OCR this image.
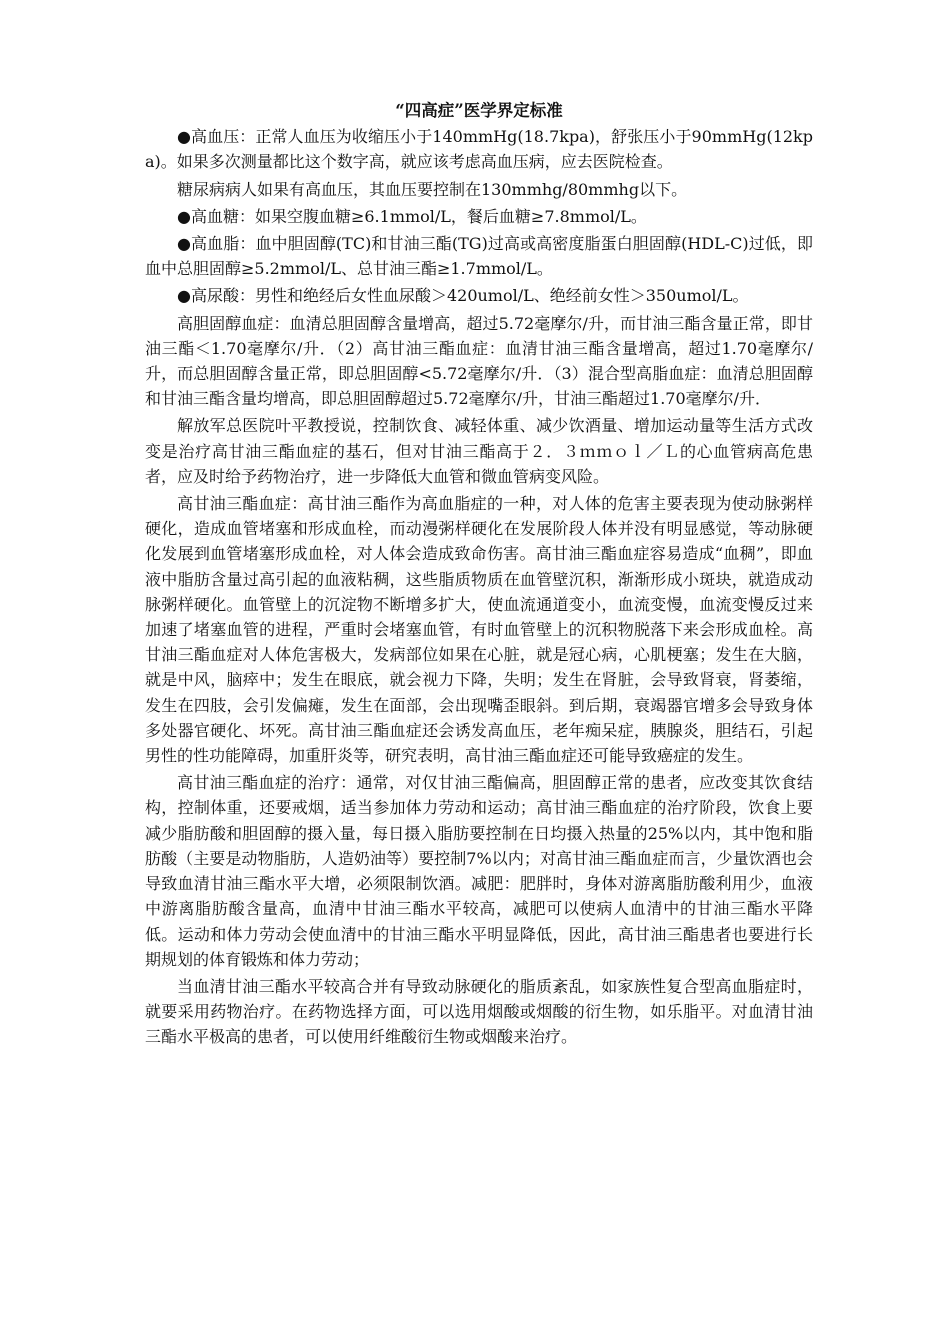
“四高症”医学界定标准

●高血压：正常人血压为收缩压小于140mmHg(18.7kpa)，舒张压小于90mmHg(12kpa)。如果多次测量都比这个数字高，就应该考虑高血压病，应去医院检查。

糖尿病病人如果有高血压，其血压要控制在130mmhg/80mmhg以下。

●高血糖：如果空腹血糖≥6.1mmol/L，餐后血糖≥7.8mmol/L。

●高血脂：血中胆固醇(TC)和甘油三酯(TG)过高或高密度脂蛋白胆固醇(HDL-C)过低，即血中总胆固醇≥5.2mmol/L、总甘油三酯≥1.7mmol/L。

●高尿酸：男性和绝经后女性血尿酸＞420umol/L、绝经前女性＞350umol/L。

高胆固醇血症：血清总胆固醇含量增高，超过5.72毫摩尔/升，而甘油三酯含量正常，即甘油三酯＜1.70毫摩尔/升．（2）高甘油三酯血症：血清甘油三酯含量增高，超过1.70毫摩尔/升，而总胆固醇含量正常，即总胆固醇<5.72毫摩尔/升．（3）混合型高脂血症：血清总胆固醇和甘油三酯含量均增高，即总胆固醇超过5.72毫摩尔/升，甘油三酯超过1.70毫摩尔/升．

解放军总医院叶平教授说，控制饮食、减轻体重、减少饮酒量、增加运动量等生活方式改变是治疗高甘油三酯血症的基石，但对甘油三酯高于２．３ｍｍｏｌ／Ｌ的心血管病高危患者，应及时给予药物治疗，进一步降低大血管和微血管病变风险。

高甘油三酯血症：高甘油三酯作为高血脂症的一种，对人体的危害主要表现为使动脉粥样硬化，造成血管堵塞和形成血栓，而动漫粥样硬化在发展阶段人体并没有明显感觉，等动脉硬化发展到血管堵塞形成血栓，对人体会造成致命伤害。高甘油三酯血症容易造成“血稠”，即血液中脂肪含量过高引起的血液粘稠，这些脂质物质在血管壁沉积，渐渐形成小斑块，就造成动脉粥样硬化。血管壁上的沉淀物不断增多扩大，使血流通道变小，血流变慢，血流变慢反过来加速了堵塞血管的进程，严重时会堵塞血管，有时血管壁上的沉积物脱落下来会形成血栓。高甘油三酯血症对人体危害极大，发病部位如果在心脏，就是冠心病，心肌梗塞；发生在大脑，就是中风，脑瘁中；发生在眼底，就会视力下降，失明；发生在肾脏，会导致肾衰，肾萎缩，发生在四肢，会引发偏瘫，发生在面部，会出现嘴歪眼斜。到后期，衰竭器官增多会导致身体多处器官硬化、坏死。高甘油三酯血症还会诱发高血压，老年痴呆症，胰腺炎，胆结石，引起男性的性功能障碍，加重肝炎等，研究表明，高甘油三酯血症还可能导致癌症的发生。

高甘油三酯血症的治疗：通常，对仅甘油三酯偏高，胆固醇正常的患者，应改变其饮食结构，控制体重，还要戒烟，适当参加体力劳动和运动；高甘油三酯血症的治疗阶段，饮食上要减少脂肪酸和胆固醇的摄入量，每日摄入脂肪要控制在日均摄入热量的25%以内，其中饱和脂肪酸（主要是动物脂肪，人造奶油等）要控制7%以内；对高甘油三酯血症而言，少量饮酒也会导致血清甘油三酯水平大增，必须限制饮酒。减肥：肥胖时，身体对游离脂肪酸利用少，血液中游离脂肪酸含量高，血清中甘油三酯水平较高，减肥可以使病人血清中的甘油三酯水平降低。运动和体力劳动会使血清中的甘油三酯水平明显降低，因此，高甘油三酯患者也要进行长期规划的体育锻炼和体力劳动；

当血清甘油三酯水平较高合并有导致动脉硬化的脂质紊乱，如家族性复合型高血脂症时，就要采用药物治疗。在药物选择方面，可以选用烟酸或烟酸的衍生物，如乐脂平。对血清甘油三酯水平极高的患者，可以使用纤维酸衍生物或烟酸来治疗。
